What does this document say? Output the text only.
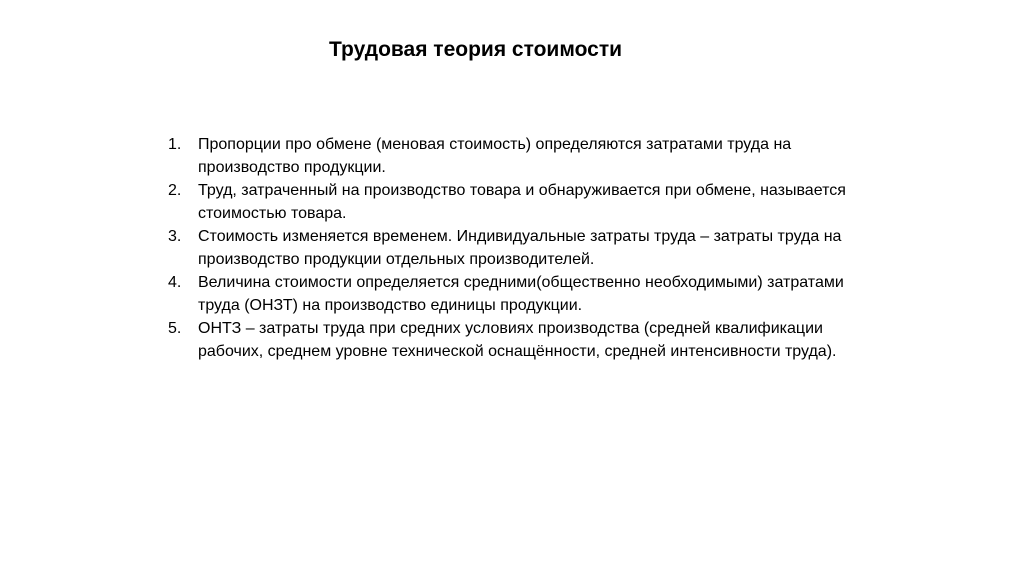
Трудовая теория стоимости
1.	Пропорции про обмене (меновая стоимость) определяются затратами труда на производство продукции.
2.	Труд, затраченный на производство товара и обнаруживается при обмене, называется стоимостью товара.
3.	Стоимость изменяется временем. Индивидуальные затраты труда – затраты труда на производство продукции отдельных производителей.
4.	Величина стоимости определяется средними(общественно необходимыми) затратами труда (ОНЗТ) на производство единицы продукции.
5.	ОНТЗ – затраты труда при средних условиях производства (средней квалификации рабочих, среднем уровне технической оснащённости, средней интенсивности труда).
